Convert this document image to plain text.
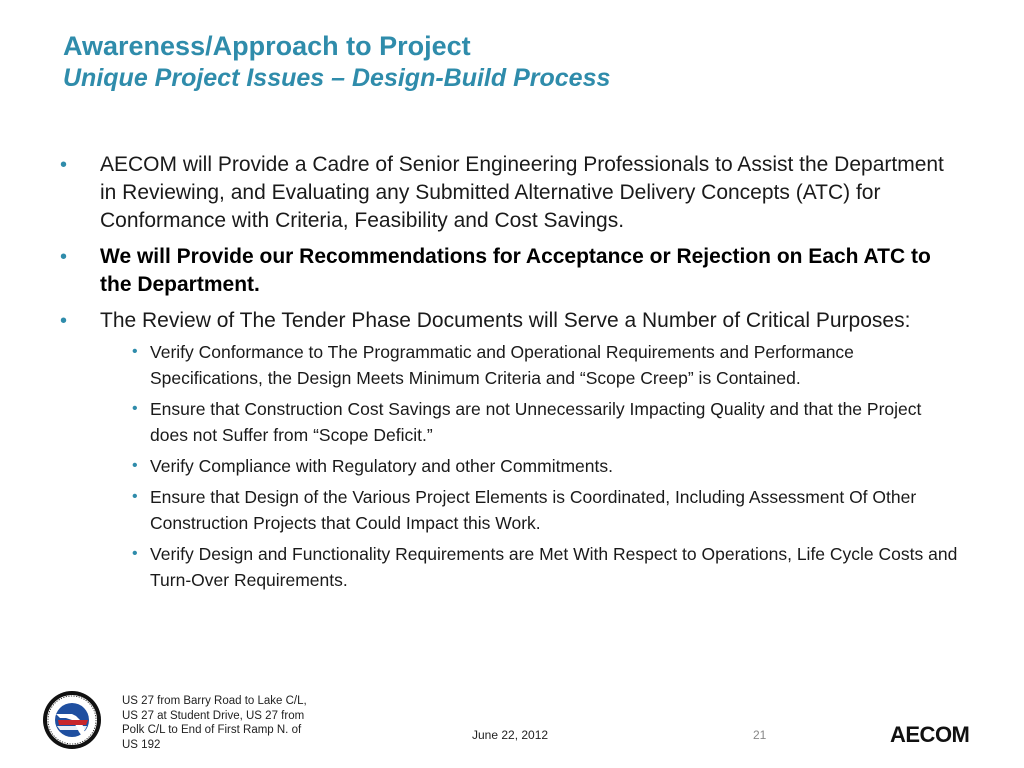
Awareness/Approach to Project
Unique Project Issues – Design-Build Process
•	AECOM will Provide a Cadre of Senior Engineering Professionals to Assist the Department in Reviewing, and Evaluating any Submitted Alternative Delivery Concepts (ATC) for Conformance with Criteria, Feasibility and Cost Savings.
•	We will Provide our Recommendations for Acceptance or Rejection on Each ATC to the Department.
•	The Review of The Tender Phase Documents will Serve a Number of Critical Purposes:
• Verify Conformance to The Programmatic and Operational Requirements and Performance Specifications, the Design Meets Minimum Criteria and “Scope Creep” is Contained.
• Ensure that Construction Cost Savings are not Unnecessarily Impacting Quality and that the Project does not Suffer from “Scope Deficit.”
• Verify Compliance with Regulatory and other Commitments.
• Ensure that Design of the Various Project Elements is Coordinated, Including Assessment Of Other Construction Projects that Could Impact this Work.
• Verify Design and Functionality Requirements are Met With Respect to Operations, Life Cycle Costs and Turn-Over Requirements.
US 27 from Barry Road to Lake C/L,
US 27 at Student Drive, US 27 from
Polk C/L to End of First Ramp N. of
US 192
June 22, 2012	21	AECOM
